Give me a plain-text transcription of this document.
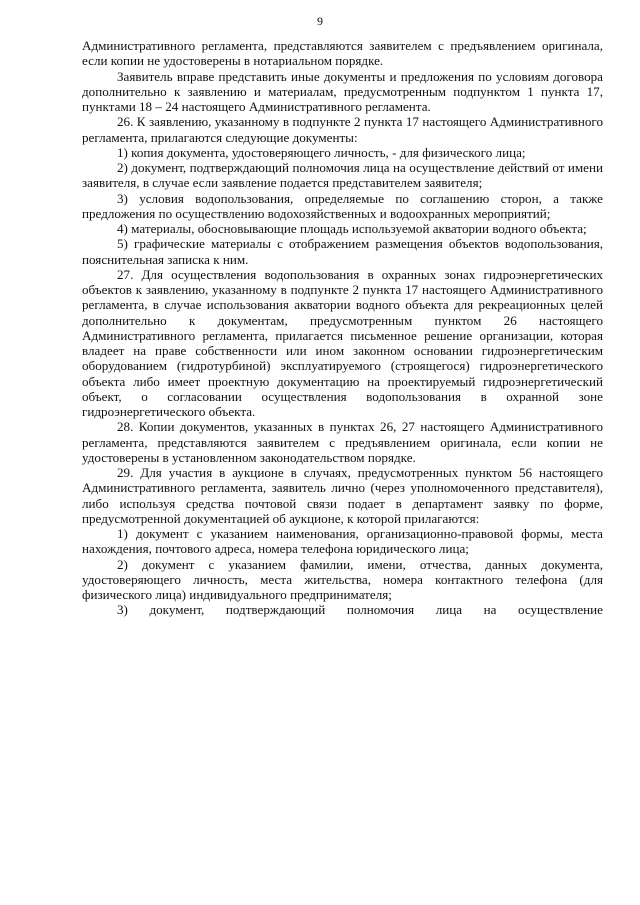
9

Административного регламента, представляются заявителем с предъявлением оригинала, если копии не удостоверены в нотариальном порядке.

Заявитель вправе представить иные документы и предложения по условиям договора дополнительно к заявлению и материалам, предусмотренным подпунктом 1 пункта 17, пунктами 18 – 24 настоящего Административного регламента.

26. К заявлению, указанному в подпункте 2 пункта 17 настоящего Административного регламента, прилагаются следующие документы:

1) копия документа, удостоверяющего личность, - для физического лица;

2) документ, подтверждающий полномочия лица на осуществление действий от имени заявителя, в случае если заявление подается представителем заявителя;

3) условия водопользования, определяемые по соглашению сторон, а также предложения по осуществлению водохозяйственных и водоохранных мероприятий;

4) материалы, обосновывающие площадь используемой акватории водного объекта;

5) графические материалы с отображением размещения объектов водопользования, пояснительная записка к ним.

27. Для осуществления водопользования в охранных зонах гидроэнергетических объектов к заявлению, указанному в подпункте 2 пункта 17 настоящего Административного регламента, в случае использования акватории водного объекта для рекреационных целей дополнительно к документам, предусмотренным пунктом 26 настоящего Административного регламента, прилагается письменное решение организации, которая владеет на праве собственности или ином законном основании гидроэнергетическим оборудованием (гидротурбиной) эксплуатируемого (строящегося) гидроэнергетического объекта либо имеет проектную документацию на проектируемый гидроэнергетический объект, о согласовании осуществления водопользования в охранной зоне гидроэнергетического объекта.

28. Копии документов, указанных в пунктах 26, 27 настоящего Административного регламента, представляются заявителем с предъявлением оригинала, если копии не удостоверены в установленном законодательством порядке.

29. Для участия в аукционе в случаях, предусмотренных пунктом 56 настоящего Административного регламента, заявитель лично (через уполномоченного представителя), либо используя средства почтовой связи подает в департамент заявку по форме, предусмотренной документацией об аукционе, к которой прилагаются:

1) документ с указанием наименования, организационно-правовой формы, места нахождения, почтового адреса, номера телефона юридического лица;

2) документ с указанием фамилии, имени, отчества, данных документа, удостоверяющего личность, места жительства, номера контактного телефона (для физического лица) индивидуального предпринимателя;

3) документ, подтверждающий полномочия лица на осуществление
